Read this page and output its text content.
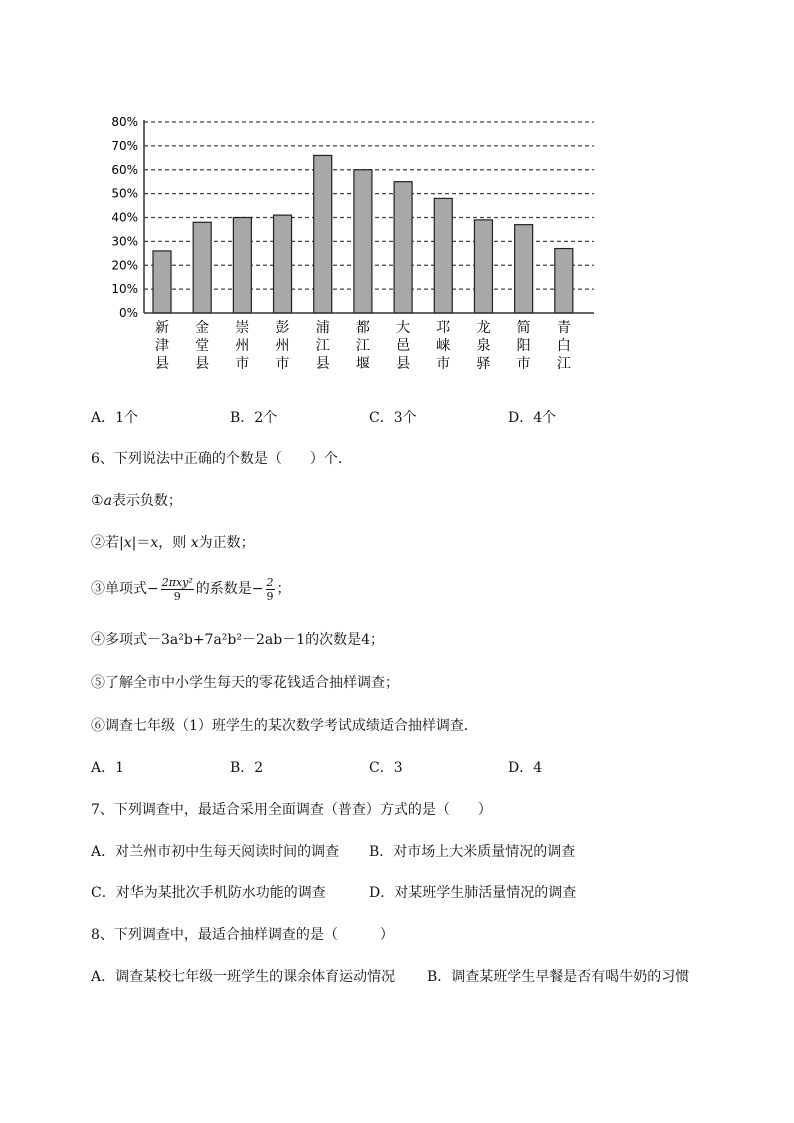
0%
10%
20%
30%
40%
50%
60%
70%
80%
新津县
金堂县
崇州市
彭州市
浦江县
都江堰
大邑县
邛崃市
龙泉驿
简阳市
青白江
A．1个	B．2个	C．3个	D．4个
6、下列说法中正确的个数是（　　）个．
①a表示负数；
②若|x|＝x，则 x为正数；
③单项式− $\frac{\text{2πxy²}}{9}$ 的系数是− $\frac{2}{9}$ ；
④多项式－3a²b+7a²b²－2ab－1的次数是4；
⑤了解全市中小学生每天的零花钱适合抽样调查；
⑥调查七年级（1）班学生的某次数学考试成绩适合抽样调查．
A．1	B．2	C．3	D．4
7、下列调查中，最适合采用全面调查（普查）方式的是（　　）
A．对兰州市初中生每天阅读时间的调查 B．对市场上大米质量情况的调查
C．对华为某批次手机防水功能的调查	D．对某班学生肺活量情况的调查
8、下列调查中，最适合抽样调查的是（　　　）
A．调查某校七年级一班学生的课余体育运动情况 B．调查某班学生早餐是否有喝牛奶的习惯
